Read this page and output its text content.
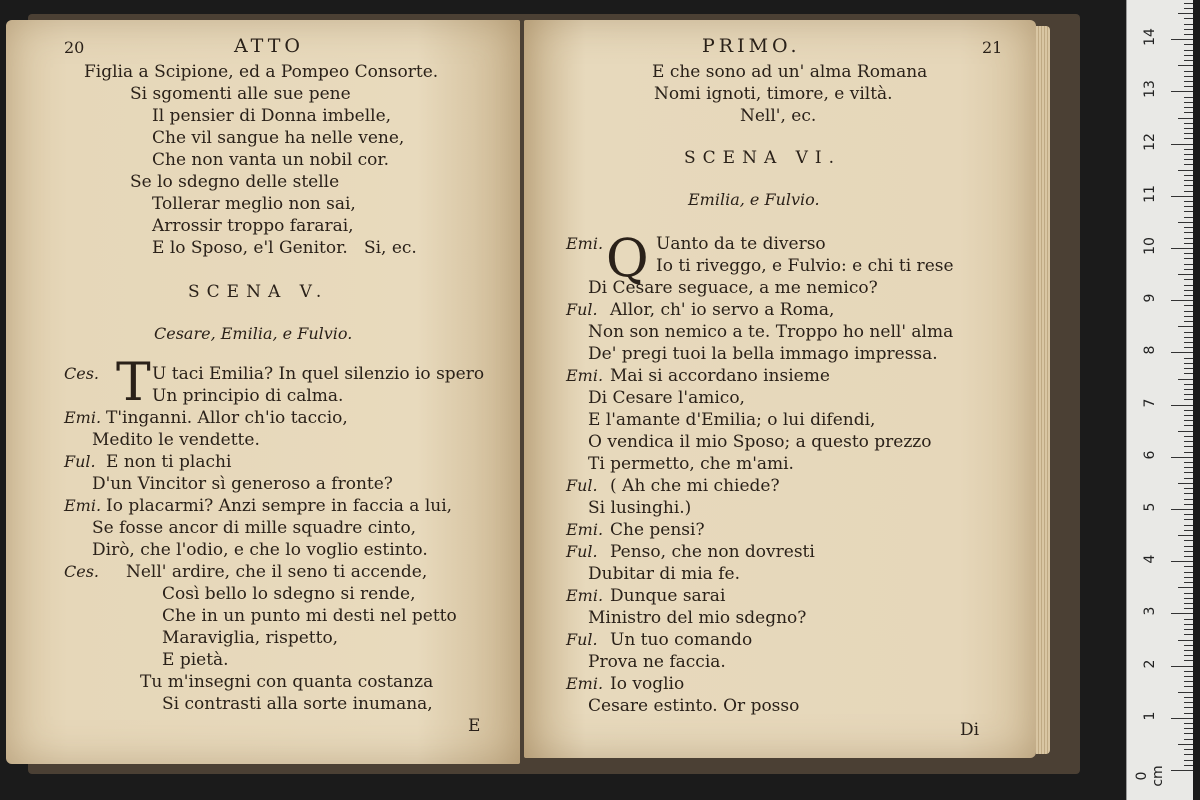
20	ATTO
Figlia a Scipione, ed a Pompeo Consorte.
Si sgomenti alle sue pene
Il pensier di Donna imbelle,
Che vil sangue ha nelle vene,
Che non vanta un nobil cor.
Se lo sdegno delle stelle
Tollerar meglio non sai,
Arrossir troppo fararai,
E lo Sposo, e'l Genitor.   Si, ec.
SCENA V.
Cesare, Emilia, e Fulvio.
T
Ces.	U taci Emilia? In quel silenzio io spero
Un principio di calma.
Emi. T'inganni. Allor ch'io taccio,
Medito le vendette.
Ful. E non ti plachi
D'un Vincitor sì generoso a fronte?
Emi. Io placarmi? Anzi sempre in faccia a lui,
Se fosse ancor di mille squadre cinto,
Dirò, che l'odio, e che lo voglio estinto.
Ces. Nell' ardire, che il seno ti accende,
Così bello lo sdegno si rende,
Che in un punto mi desti nel petto
Maraviglia, rispetto,
E pietà.
Tu m'insegni con quanta costanza
Si contrasti alla sorte inumana,
E
PRIMO.	21
E che sono ad un' alma Romana
Nomi ignoti, timore, e viltà.
Nell', ec.
SCENA VI.
Emilia, e Fulvio.
Q
Emi.	Uanto da te diverso
Io ti riveggo, e Fulvio: e chi ti rese
Di Cesare seguace, a me nemico?
Ful. Allor, ch' io servo a Roma,
Non son nemico a te. Troppo ho nell' alma
De' pregi tuoi la bella immago impressa.
Emi. Mai si accordano insieme
Di Cesare l'amico,
E l'amante d'Emilia; o lui difendi,
O vendica il mio Sposo; a questo prezzo
Ti permetto, che m'ami.
Ful. ( Ah che mi chiede?
Si lusinghi.)
Emi. Che pensi?
Ful. Penso, che non dovresti
Dubitar di mia fe.
Emi. Dunque sarai
Ministro del mio sdegno?
Ful. Un tuo comando
Prova ne faccia.
Emi. Io voglio
Cesare estinto. Or posso
Di
0 cm
1
2
3
4
5
6
7
8
9
10
11
12
13
14
